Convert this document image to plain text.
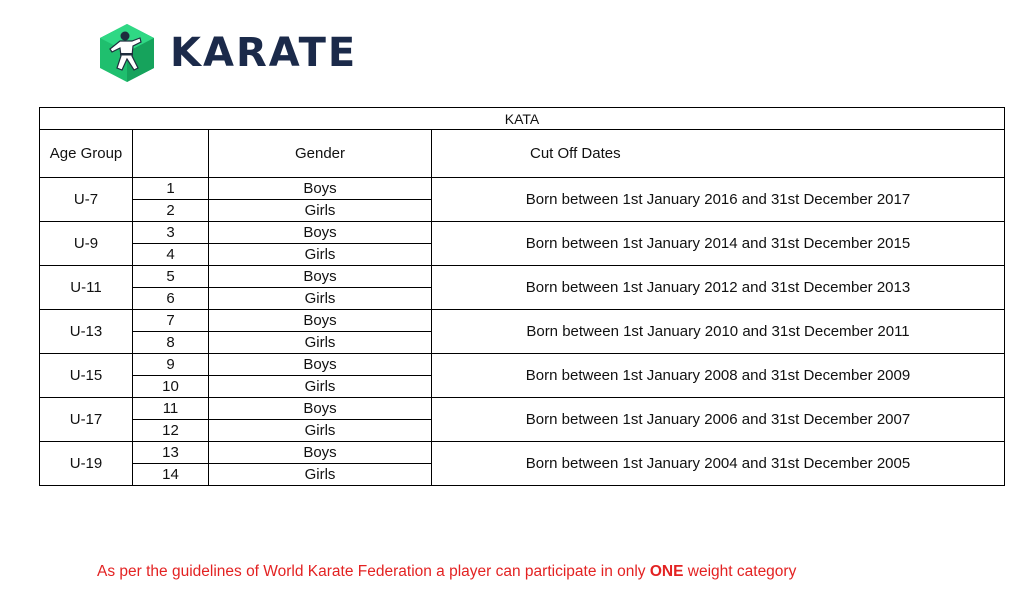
KARATE
KATA			
Age Group		Gender	Cut Off Dates
U-7	1	Boys	Born between 1st January 2016 and 31st December 2017
	2	Girls	
U-9	3	Boys	Born between 1st January 2014 and 31st December 2015
	4	Girls	
U-11	5	Boys	Born between 1st January 2012 and 31st December 2013
	6	Girls	
U-13	7	Boys	Born between 1st January 2010 and 31st December 2011
	8	Girls	
U-15	9	Boys	Born between 1st January 2008 and 31st December 2009
	10	Girls	
U-17	11	Boys	Born between 1st January 2006 and 31st December 2007
	12	Girls	
U-19	13	Boys	Born between 1st January 2004 and 31st December 2005
	14	Girls	
As per the guidelines of World Karate Federation a player can participate in only ONE weight category
